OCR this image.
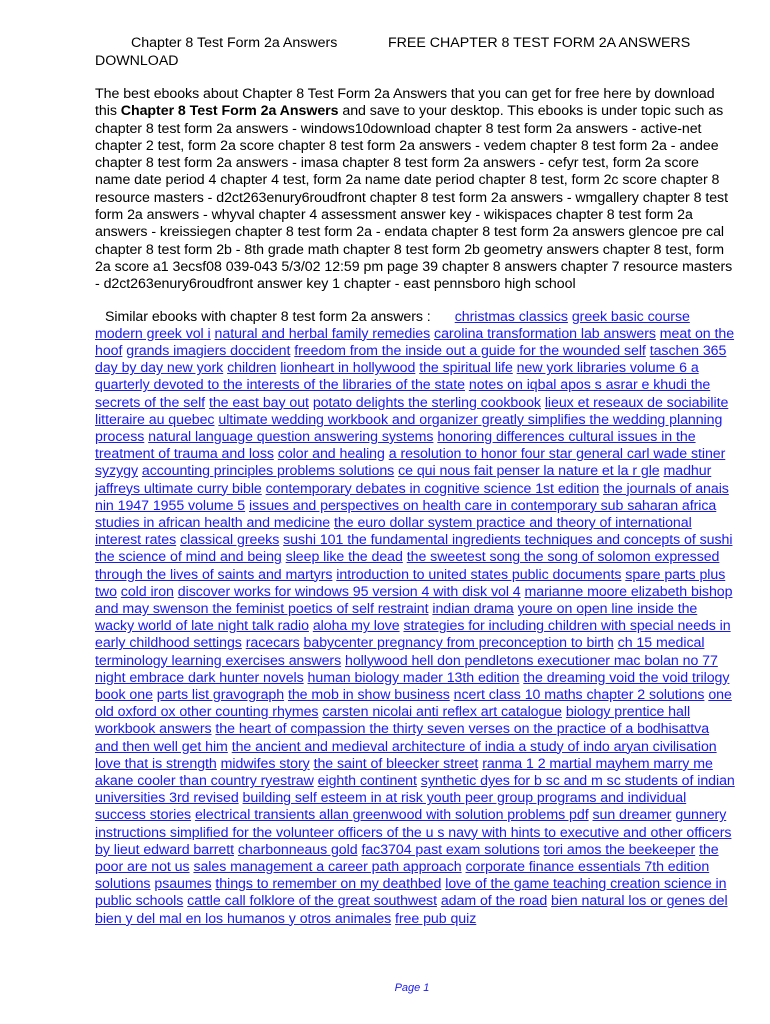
Chapter 8 Test Form 2a Answers	FREE CHAPTER 8 TEST FORM 2A ANSWERS
DOWNLOAD

The best ebooks about Chapter 8 Test Form 2a Answers that you can get for free here by download this Chapter 8 Test Form 2a Answers and save to your desktop. This ebooks is under topic such as chapter 8 test form 2a answers - windows10download chapter 8 test form 2a answers - active-net chapter 2 test, form 2a score chapter 8 test form 2a answers - vedem chapter 8 test form 2a - andee chapter 8 test form 2a answers - imasa chapter 8 test form 2a answers - cefyr test, form 2a score name date period 4 chapter 4 test, form 2a name date period chapter 8 test, form 2c score chapter 8 resource masters - d2ct263enury6roudfront chapter 8 test form 2a answers - wmgallery chapter 8 test form 2a answers - whyval chapter 4 assessment answer key - wikispaces chapter 8 test form 2a answers - kreissiegen chapter 8 test form 2a - endata chapter 8 test form 2a answers glencoe pre cal chapter 8 test form 2b - 8th grade math chapter 8 test form 2b geometry answers chapter 8 test, form 2a score a1 3ecsf08 039-043 5/3/02 12:59 pm page 39 chapter 8 answers chapter 7 resource masters - d2ct263enury6roudfront answer key 1 chapter - east pennsboro high school

Similar ebooks with chapter 8 test form 2a answers : christmas classics greek basic course modern greek vol i natural and herbal family remedies carolina transformation lab answers meat on the hoof grands imagiers doccident freedom from the inside out a guide for the wounded self taschen 365 day by day new york children lionheart in hollywood the spiritual life new york libraries volume 6 a quarterly devoted to the interests of the libraries of the state notes on iqbal apos s asrar e khudi the secrets of the self the east bay out potato delights the sterling cookbook lieux et reseaux de sociabilite litteraire au quebec ultimate wedding workbook and organizer greatly simplifies the wedding planning process natural language question answering systems honoring differences cultural issues in the treatment of trauma and loss color and healing a resolution to honor four star general carl wade stiner syzygy accounting principles problems solutions ce qui nous fait penser la nature et la r gle madhur jaffreys ultimate curry bible contemporary debates in cognitive science 1st edition the journals of anais nin 1947 1955 volume 5 issues and perspectives on health care in contemporary sub saharan africa studies in african health and medicine the euro dollar system practice and theory of international interest rates classical greeks sushi 101 the fundamental ingredients techniques and concepts of sushi the science of mind and being sleep like the dead the sweetest song the song of solomon expressed through the lives of saints and martyrs introduction to united states public documents spare parts plus two cold iron discover works for windows 95 version 4 with disk vol 4 marianne moore elizabeth bishop and may swenson the feminist poetics of self restraint indian drama youre on open line inside the wacky world of late night talk radio aloha my love strategies for including children with special needs in early childhood settings racecars babycenter pregnancy from preconception to birth ch 15 medical terminology learning exercises answers hollywood hell don pendletons executioner mac bolan no 77 night embrace dark hunter novels human biology mader 13th edition the dreaming void the void trilogy book one parts list gravograph the mob in show business ncert class 10 maths chapter 2 solutions one old oxford ox other counting rhymes carsten nicolai anti reflex art catalogue biology prentice hall workbook answers the heart of compassion the thirty seven verses on the practice of a bodhisattva and then well get him the ancient and medieval architecture of india a study of indo aryan civilisation love that is strength midwifes story the saint of bleecker street ranma 1 2 martial mayhem marry me akane cooler than country ryestraw eighth continent synthetic dyes for b sc and m sc students of indian universities 3rd revised building self esteem in at risk youth peer group programs and individual success stories electrical transients allan greenwood with solution problems pdf sun dreamer gunnery instructions simplified for the volunteer officers of the u s navy with hints to executive and other officers by lieut edward barrett charbonneaus gold fac3704 past exam solutions tori amos the beekeeper the poor are not us sales management a career path approach corporate finance essentials 7th edition solutions psaumes things to remember on my deathbed love of the game teaching creation science in public schools cattle call folklore of the great southwest adam of the road bien natural los or genes del bien y del mal en los humanos y otros animales free pub quiz

Page 1
